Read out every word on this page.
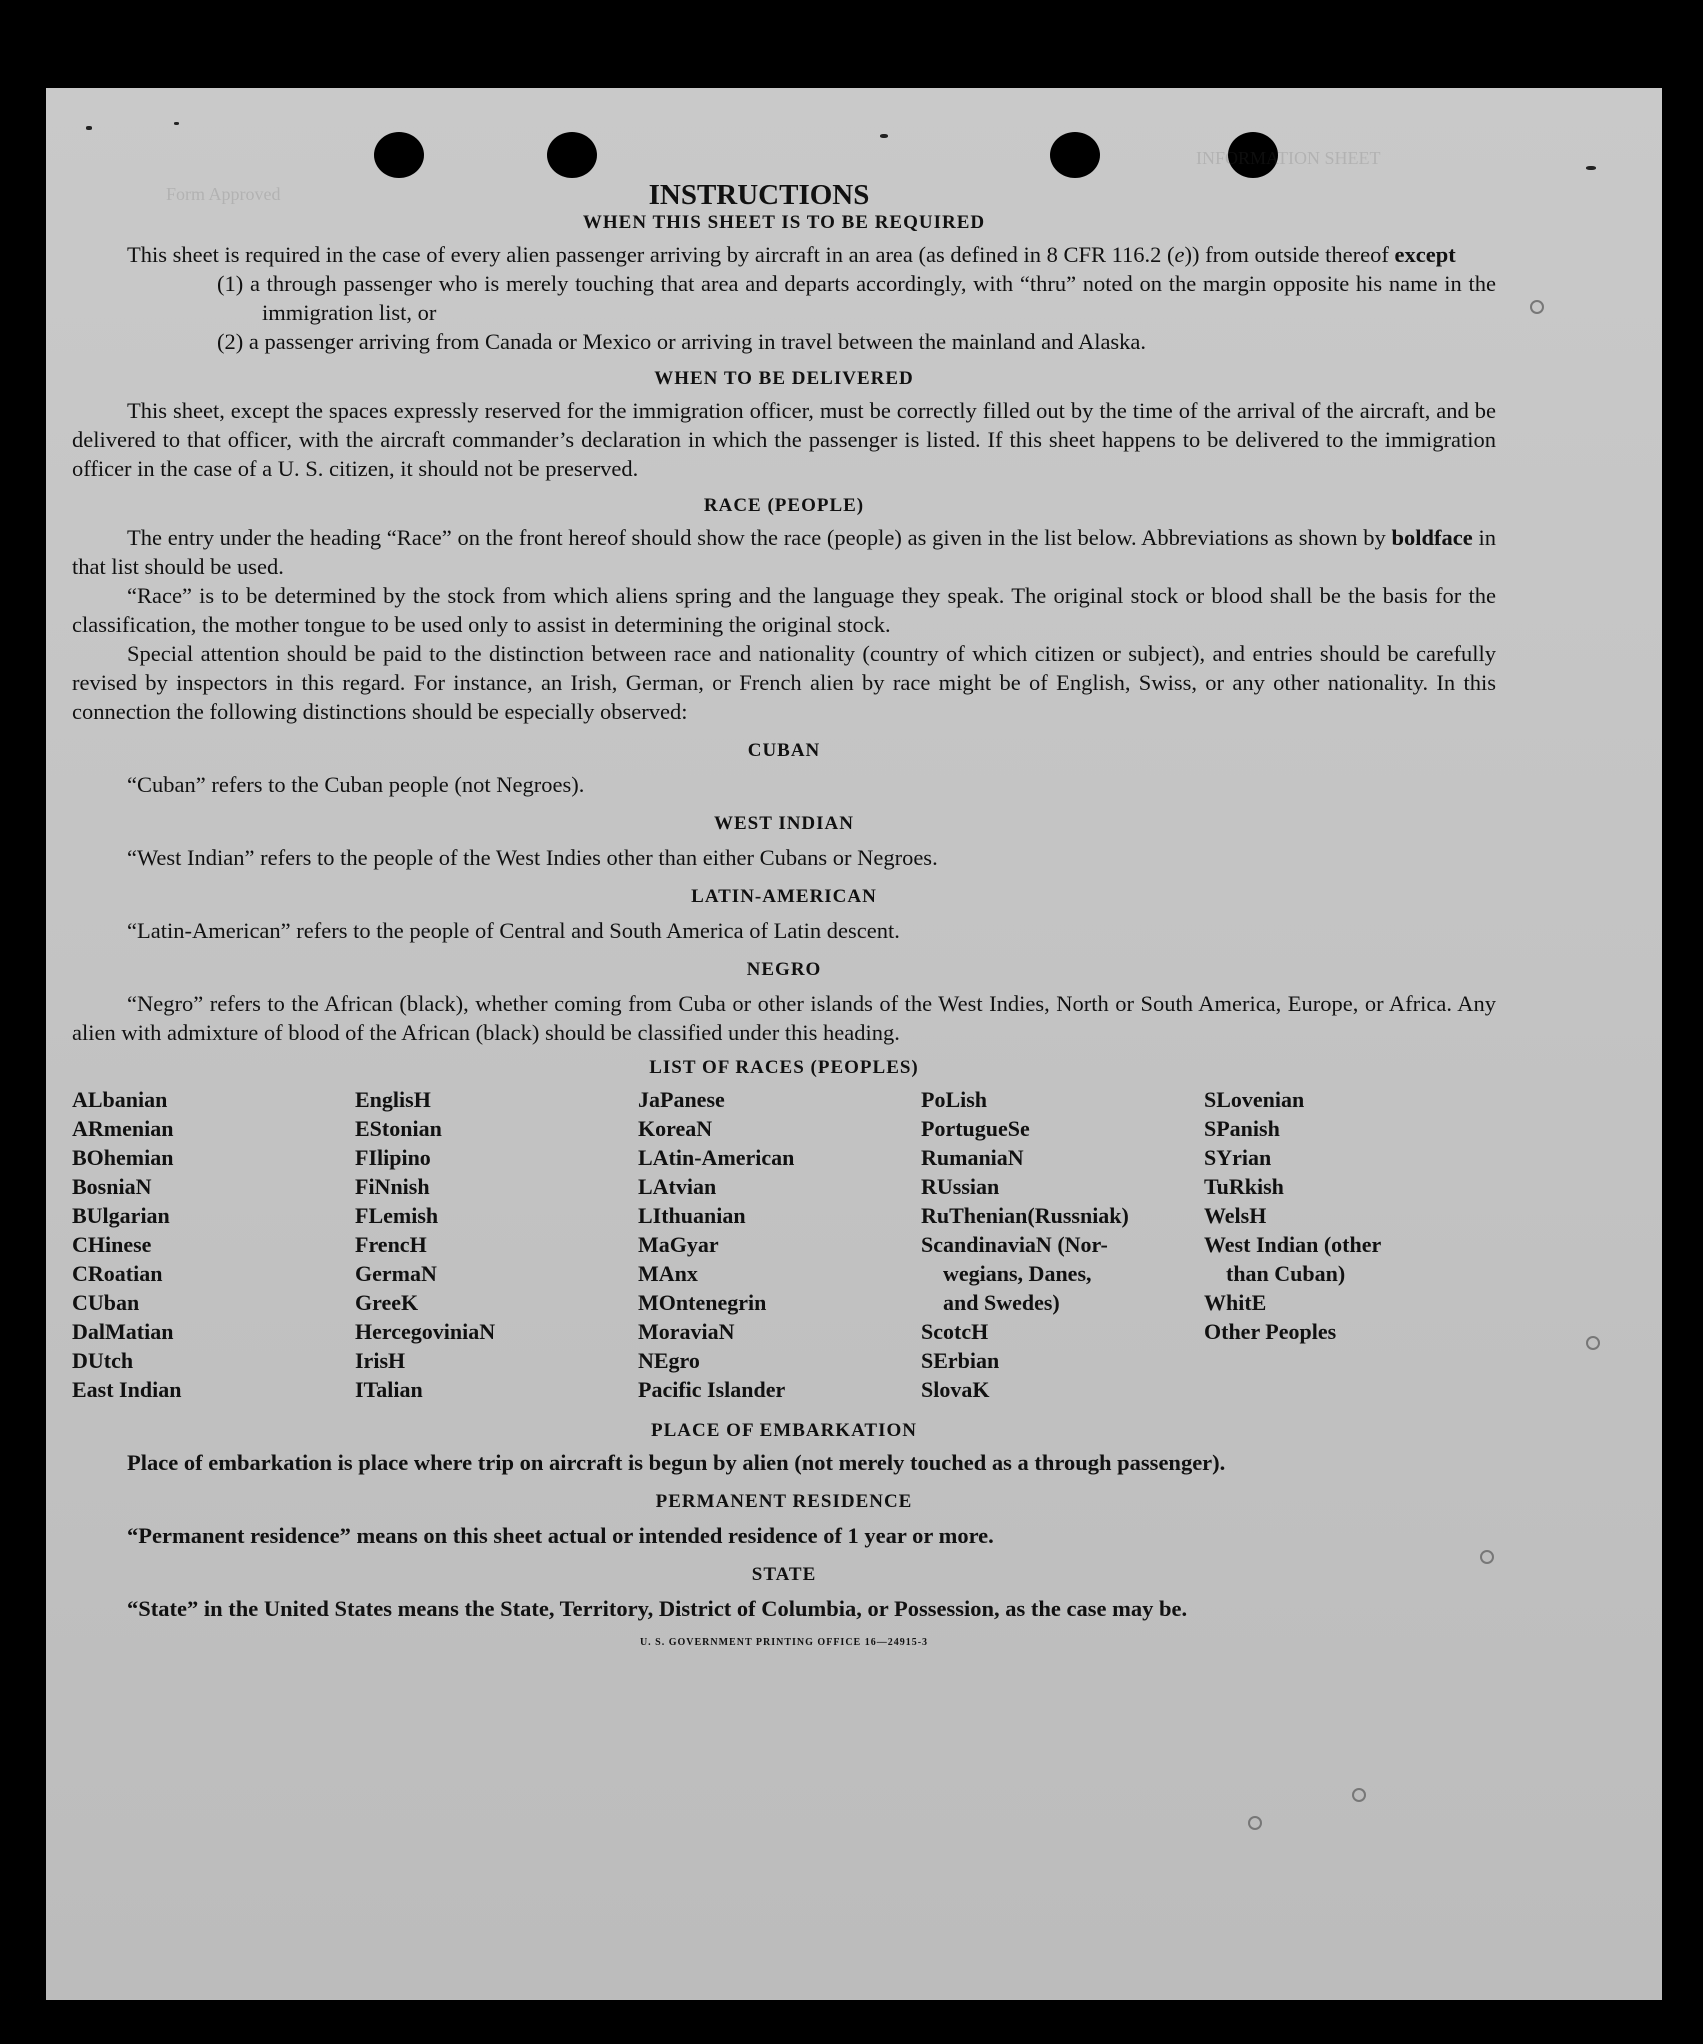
INFORMATION SHEET
Form Approved	INSTRUCTIONS
WHEN THIS SHEET IS TO BE REQUIRED

This sheet is required in the case of every alien passenger arriving by aircraft in an area (as defined in 8 CFR 116.2 (e)) from outside thereof except

(1) a through passenger who is merely touching that area and departs accordingly, with “thru” noted on the margin opposite his name in the immigration list, or

(2) a passenger arriving from Canada or Mexico or arriving in travel between the mainland and Alaska.

WHEN TO BE DELIVERED

This sheet, except the spaces expressly reserved for the immigration officer, must be correctly filled out by the time of the arrival of the aircraft, and be delivered to that officer, with the aircraft commander’s declaration in which the passenger is listed. If this sheet happens to be delivered to the immigration officer in the case of a U. S. citizen, it should not be preserved.

RACE (PEOPLE)

The entry under the heading “Race” on the front hereof should show the race (people) as given in the list below. Abbreviations as shown by boldface in that list should be used.

“Race” is to be determined by the stock from which aliens spring and the language they speak. The original stock or blood shall be the basis for the classification, the mother tongue to be used only to assist in determining the original stock.

Special attention should be paid to the distinction between race and nationality (country of which citizen or subject), and entries should be carefully revised by inspectors in this regard. For instance, an Irish, German, or French alien by race might be of English, Swiss, or any other nationality. In this connection the following distinctions should be especially observed:

CUBAN

“Cuban” refers to the Cuban people (not Negroes).

WEST INDIAN

“West Indian” refers to the people of the West Indies other than either Cubans or Negroes.

LATIN-AMERICAN

“Latin-American” refers to the people of Central and South America of Latin descent.

NEGRO

“Negro” refers to the African (black), whether coming from Cuba or other islands of the West Indies, North or South America, Europe, or Africa. Any alien with admixture of blood of the African (black) should be classified under this heading.

LIST OF RACES (PEOPLES)
ALbanian
ARmenian
BOhemian
BosniaN
BUlgarian
CHinese
CRoatian
CUban
DalMatian
DUtch
East Indian
EnglisH
EStonian
FIlipino
FiNnish
FLemish
FrencH
GermaN
GreeK
HercegoviniaN
IrisH
ITalian
JaPanese
KoreaN
LAtin-American
LAtvian
LIthuanian
MaGyar
MAnx
MOntenegrin
MoraviaN
NEgro
Pacific Islander
PoLish
PortugueSe
RumaniaN
RUssian
RuThenian(Russniak)
ScandinaviaN (Nor-
wegians, Danes,
and Swedes)
ScotcH
SErbian
SlovaK
SLovenian
SPanish
SYrian
TuRkish
WelsH
West Indian (other
than Cuban)
WhitE
Other Peoples
PLACE OF EMBARKATION

Place of embarkation is place where trip on aircraft is begun by alien (not merely touched as a through passenger).

PERMANENT RESIDENCE

“Permanent residence” means on this sheet actual or intended residence of 1 year or more.

STATE

“State” in the United States means the State, Territory, District of Columbia, or Possession, as the case may be.

U. S. GOVERNMENT PRINTING OFFICE 16—24915-3
